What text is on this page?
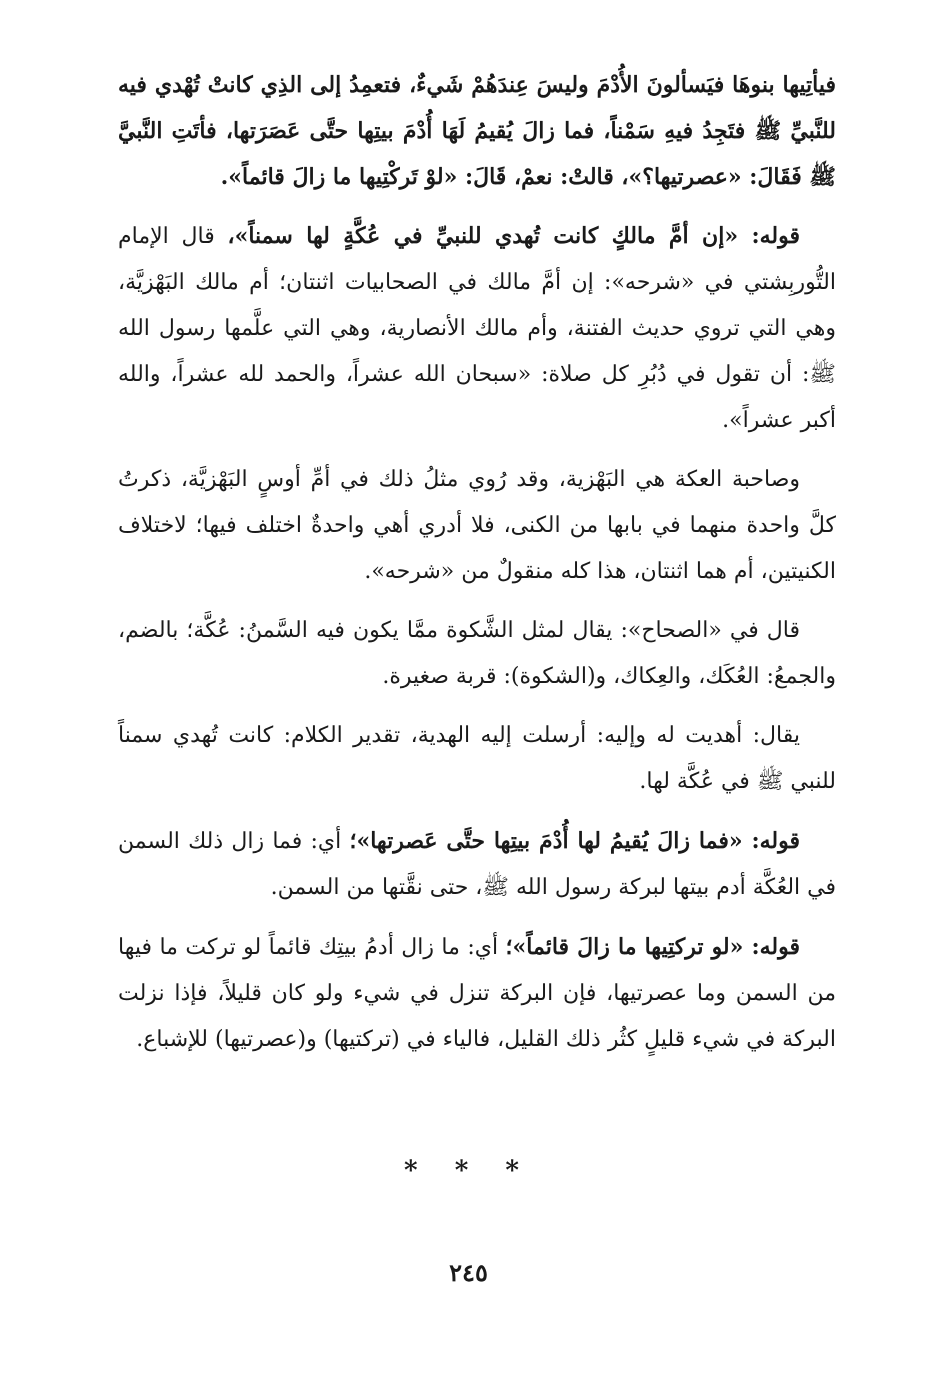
فيأتِيها بنوهَا فيَسألونَ الأُدْمَ وليسَ عِندَهُمْ شَيءٌ، فتعمِدُ إلى الذِي كانتْ تُهْدي فيه للنَّبيِّ ﷺ فتَجِدُ فيهِ سَمْناً، فما زالَ يُقيمُ لَهَا أُدْمَ بيتِها حتَّى عَصَرَتها، فأتَتِ النَّبيَّ ﷺ فَقَالَ: «عصرتيها؟»، قالتْ: نعمْ، قَالَ: «لوْ تَركْتِيها ما زالَ قائماً».

قوله: «إن أمَّ مالكٍ كانت تُهدي للنبيِّ في عُكَّةٍ لها سمناً»، قال الإمام التُّوربِشتي في «شرحه»: إن أمَّ مالك في الصحابيات اثنتان؛ أم مالك البَهْزيَّة، وهي التي تروي حديث الفتنة، وأم مالك الأنصارية، وهي التي علَّمها رسول الله ﷺ: أن تقول في دُبُرِ كل صلاة: «سبحان الله عشراً، والحمد لله عشراً، والله أكبر عشراً».

وصاحبة العكة هي البَهْزية، وقد رُوي مثلُ ذلك في أمِّ أوسٍ البَهْزيَّة، ذكرتُ كلَّ واحدة منهما في بابها من الكنى، فلا أدري أهي واحدةٌ اختلف فيها؛ لاختلاف الكنيتين، أم هما اثنتان، هذا كله منقولٌ من «شرحه».

قال في «الصحاح»: يقال لمثل الشَّكوة ممَّا يكون فيه السَّمنُ: عُكَّة؛ بالضم، والجمعُ: العُكَك، والعِكاك، و(الشكوة): قربة صغيرة.

يقال: أهديت له وإليه: أرسلت إليه الهدية، تقدير الكلام: كانت تُهدي سمناً للنبي ﷺ في عُكَّة لها.

قوله: «فما زالَ يُقيمُ لها أُدْمَ بيتِها حتَّى عَصرتها»؛ أي: فما زال ذلك السمن في العُكَّة أدم بيتها لبركة رسول الله ﷺ، حتى نقَّتها من السمن.

قوله: «لو تركتِيها ما زالَ قائماً»؛ أي: ما زال أدمُ بيتِك قائماً لو تركت ما فيها من السمن وما عصرتيها، فإن البركة تنزل في شيء ولو كان قليلاً، فإذا نزلت البركة في شيء قليلٍ كثُر ذلك القليل، فالياء في (تركتيها) و(عصرتيها) للإشباع.

* * *
٢٤٥
